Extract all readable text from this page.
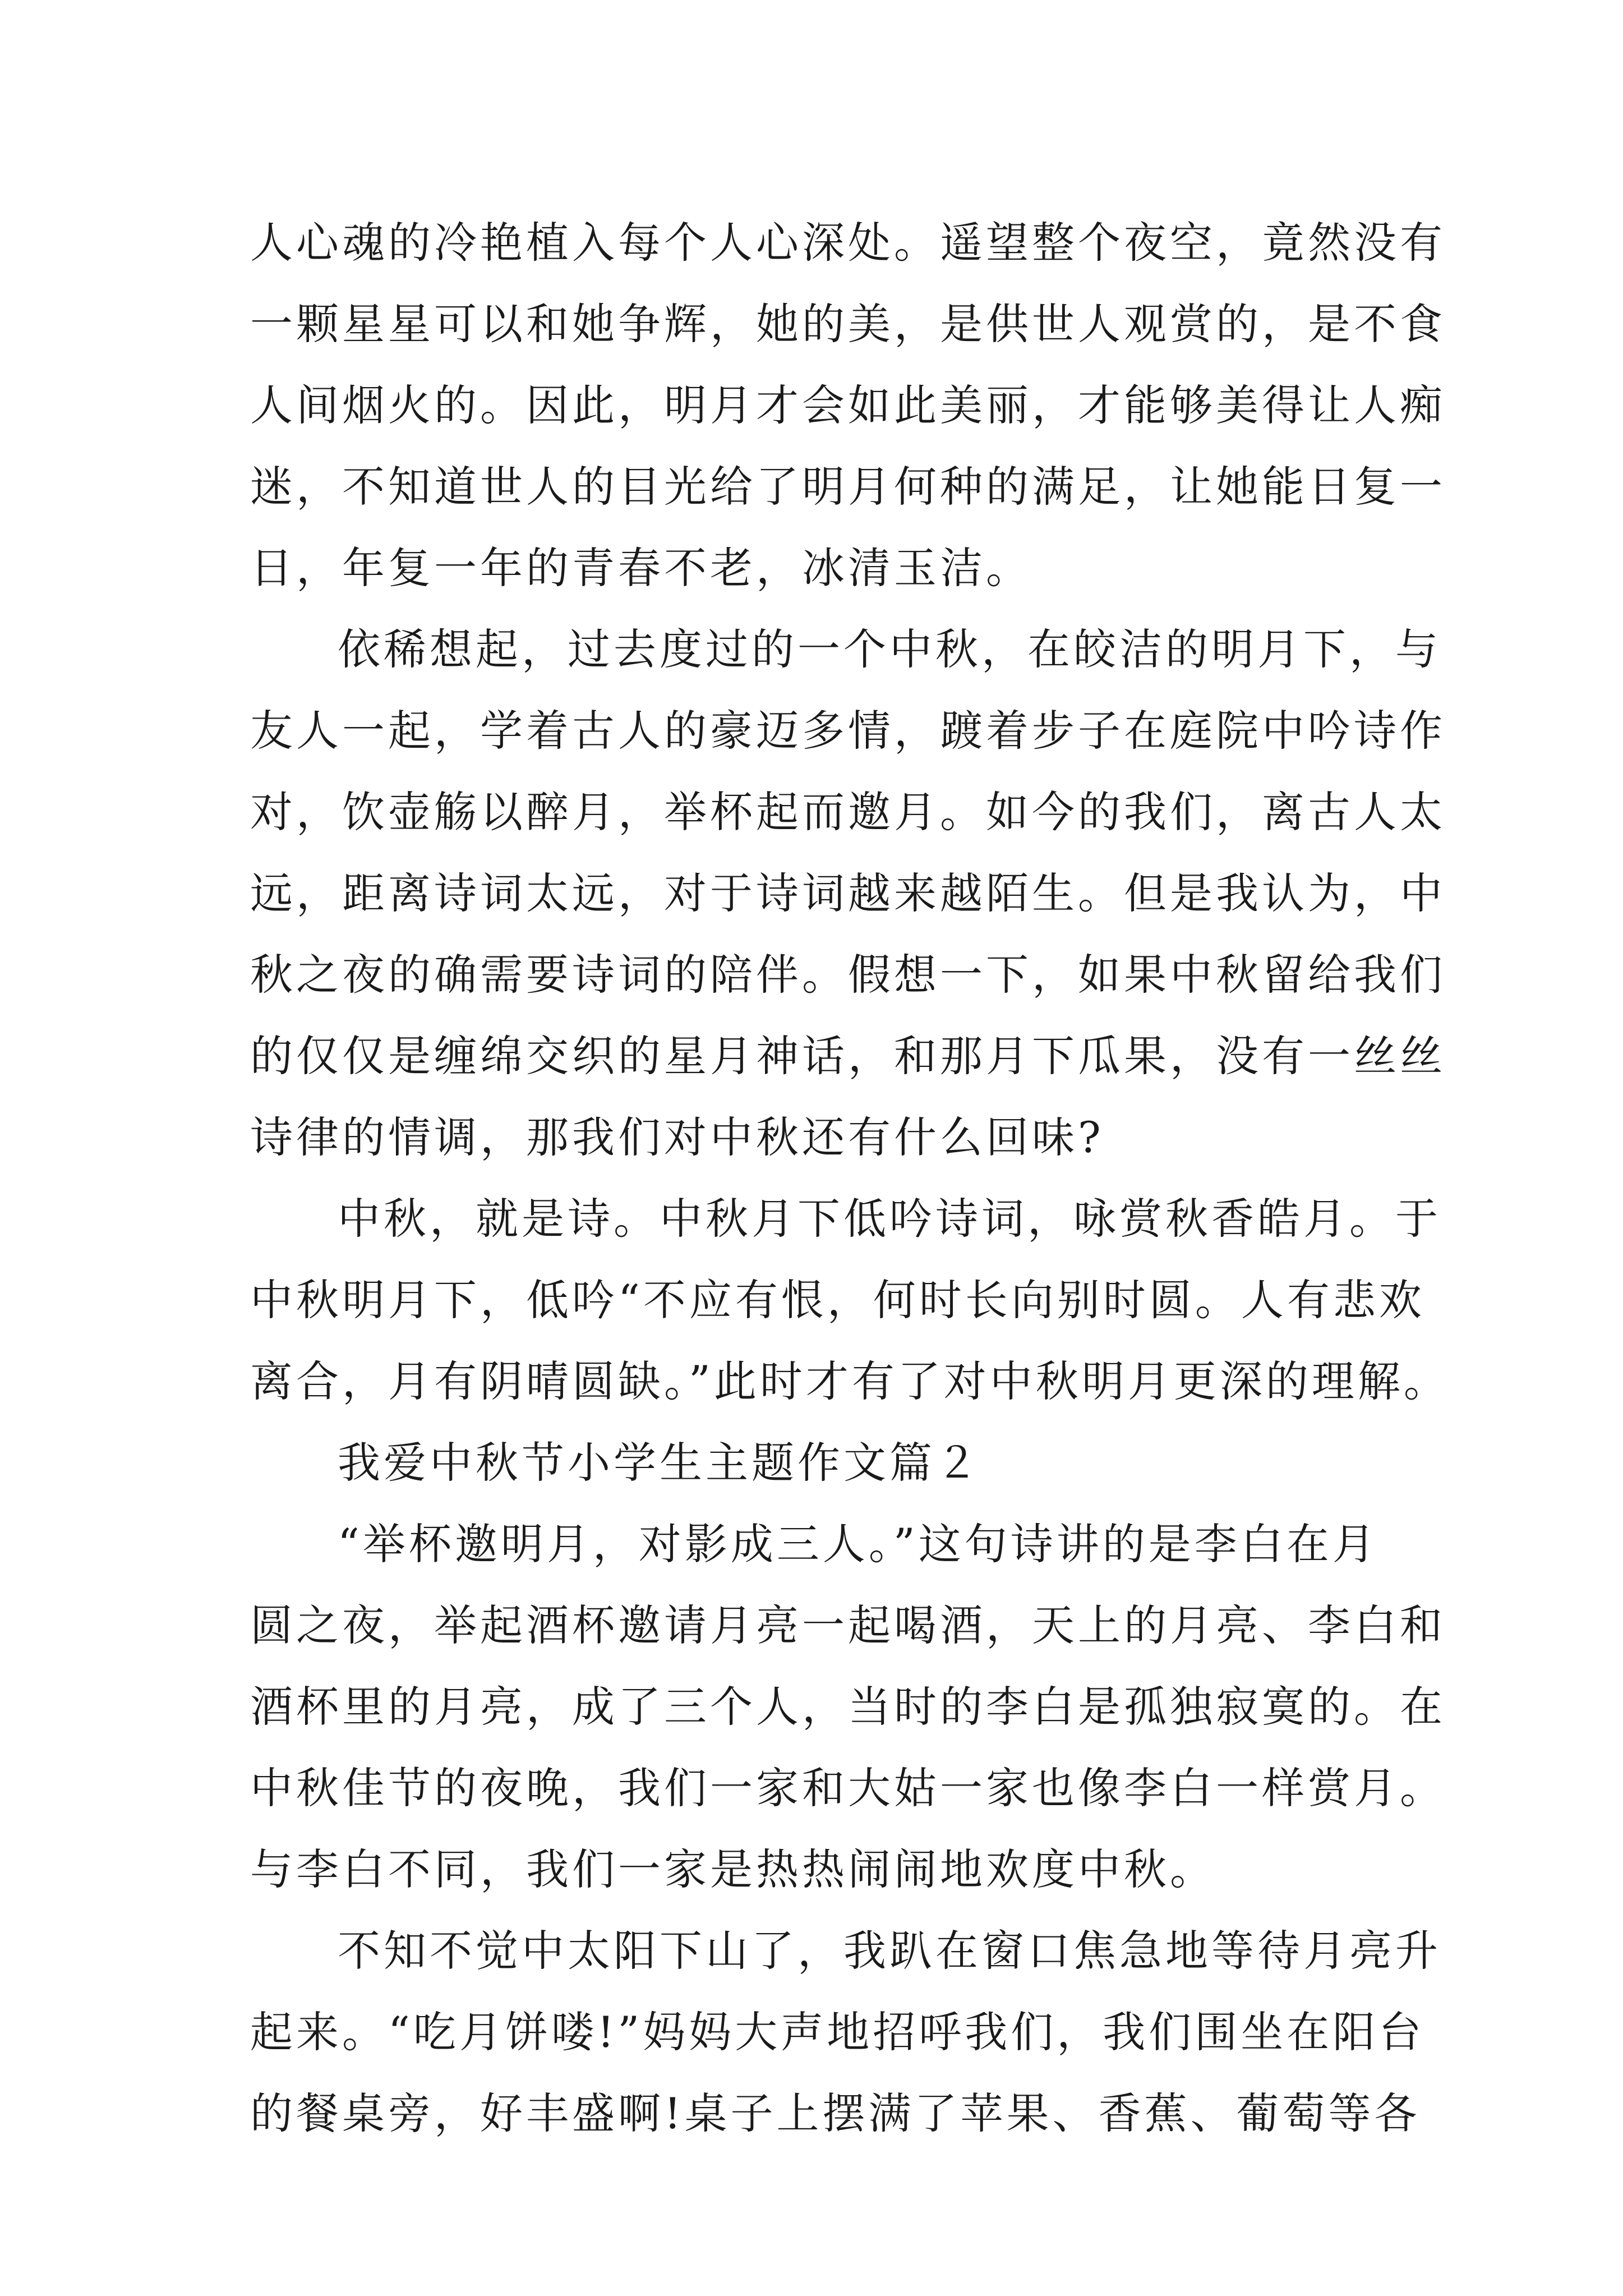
人心魂的冷艳植入每个人心深处。遥望整个夜空，竟然没有
一颗星星可以和她争辉，她的美，是供世人观赏的，是不食
人间烟火的。因此，明月才会如此美丽，才能够美得让人痴
迷，不知道世人的目光给了明月何种的满足，让她能日复一
日，年复一年的青春不老，冰清玉洁。
依稀想起，过去度过的一个中秋，在皎洁的明月下，与
友人一起，学着古人的豪迈多情，踱着步子在庭院中吟诗作
对，饮壶觞以醉月，举杯起而邀月。如今的我们，离古人太
远，距离诗词太远，对于诗词越来越陌生。但是我认为，中
秋之夜的确需要诗词的陪伴。假想一下，如果中秋留给我们
的仅仅是缠绵交织的星月神话，和那月下瓜果，没有一丝丝
诗律的情调，那我们对中秋还有什么回味?
中秋，就是诗。中秋月下低吟诗词，咏赏秋香皓月。于
中秋明月下，低吟“不应有恨，何时长向别时圆。人有悲欢
离合，月有阴晴圆缺。”此时才有了对中秋明月更深的理解。
我爱中秋节小学生主题作文篇２
“举杯邀明月，对影成三人。”这句诗讲的是李白在月
圆之夜，举起酒杯邀请月亮一起喝酒，天上的月亮、李白和
酒杯里的月亮，成了三个人，当时的李白是孤独寂寞的。在
中秋佳节的夜晚，我们一家和大姑一家也像李白一样赏月。
与李白不同，我们一家是热热闹闹地欢度中秋。
不知不觉中太阳下山了，我趴在窗口焦急地等待月亮升
起来。“吃月饼喽!”妈妈大声地招呼我们，我们围坐在阳台
的餐桌旁，好丰盛啊!桌子上摆满了苹果、香蕉、葡萄等各
